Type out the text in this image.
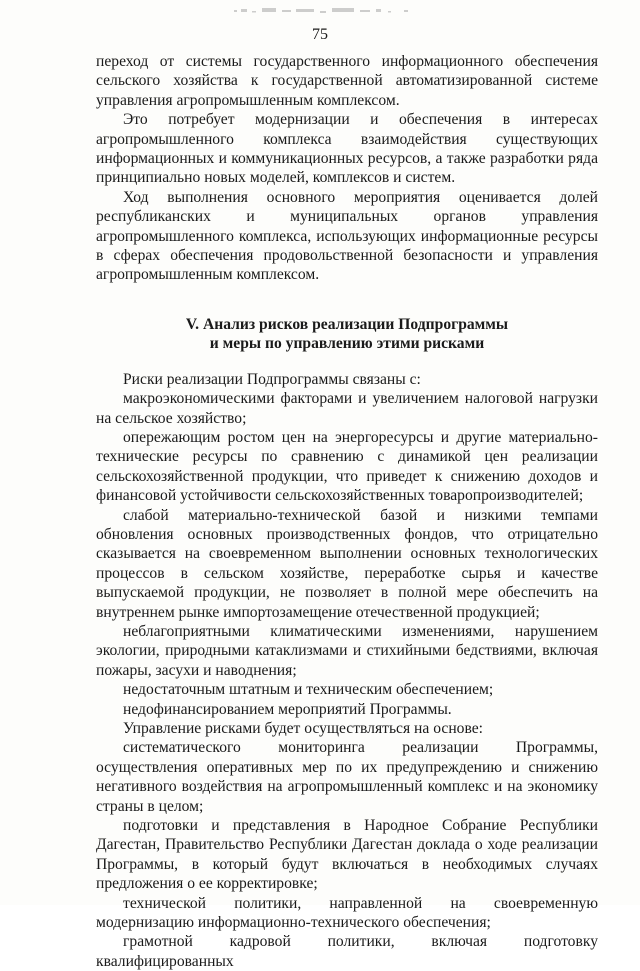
75

переход от системы государственного информационного обеспечения сельского хозяйства к государственной автоматизированной системе управления агропромышленным комплексом.

Это потребует модернизации и обеспечения в интересах агропромышленного комплекса взаимодействия существующих информационных и коммуникационных ресурсов, а также разработки ряда принципиально новых моделей, комплексов и систем.

Ход выполнения основного мероприятия оценивается долей республиканских и муниципальных органов управления агропромышленного комплекса, использующих информационные ресурсы в сферах обеспечения продовольственной безопасности и управления агропромышленным комплексом.

V. Анализ рисков реализации Подпрограммы
и меры по управлению этими рисками

Риски реализации Подпрограммы связаны с:

макроэкономическими факторами и увеличением налоговой нагрузки на сельское хозяйство;

опережающим ростом цен на энергоресурсы и другие материально-технические ресурсы по сравнению с динамикой цен реализации сельскохозяйственной продукции, что приведет к снижению доходов и финансовой устойчивости сельскохозяйственных товаропроизводителей;

слабой материально-технической базой и низкими темпами обновления основных производственных фондов, что отрицательно сказывается на своевременном выполнении основных технологических процессов в сельском хозяйстве, переработке сырья и качестве выпускаемой продукции, не позволяет в полной мере обеспечить на внутреннем рынке импортозамещение отечественной продукцией;

неблагоприятными климатическими изменениями, нарушением экологии, природными катаклизмами и стихийными бедствиями, включая пожары, засухи и наводнения;

недостаточным штатным и техническим обеспечением;

недофинансированием мероприятий Программы.

Управление рисками будет осуществляться на основе:

систематического мониторинга реализации Программы, осуществления оперативных мер по их предупреждению и снижению негативного воздействия на агропромышленный комплекс и на экономику страны в целом;

подготовки и представления в Народное Собрание Республики Дагестан, Правительство Республики Дагестан доклада о ходе реализации Программы, в который будут включаться в необходимых случаях предложения о ее корректировке;

технической политики, направленной на своевременную модернизацию информационно-технического обеспечения;

грамотной кадровой политики, включая подготовку квалифицированных
